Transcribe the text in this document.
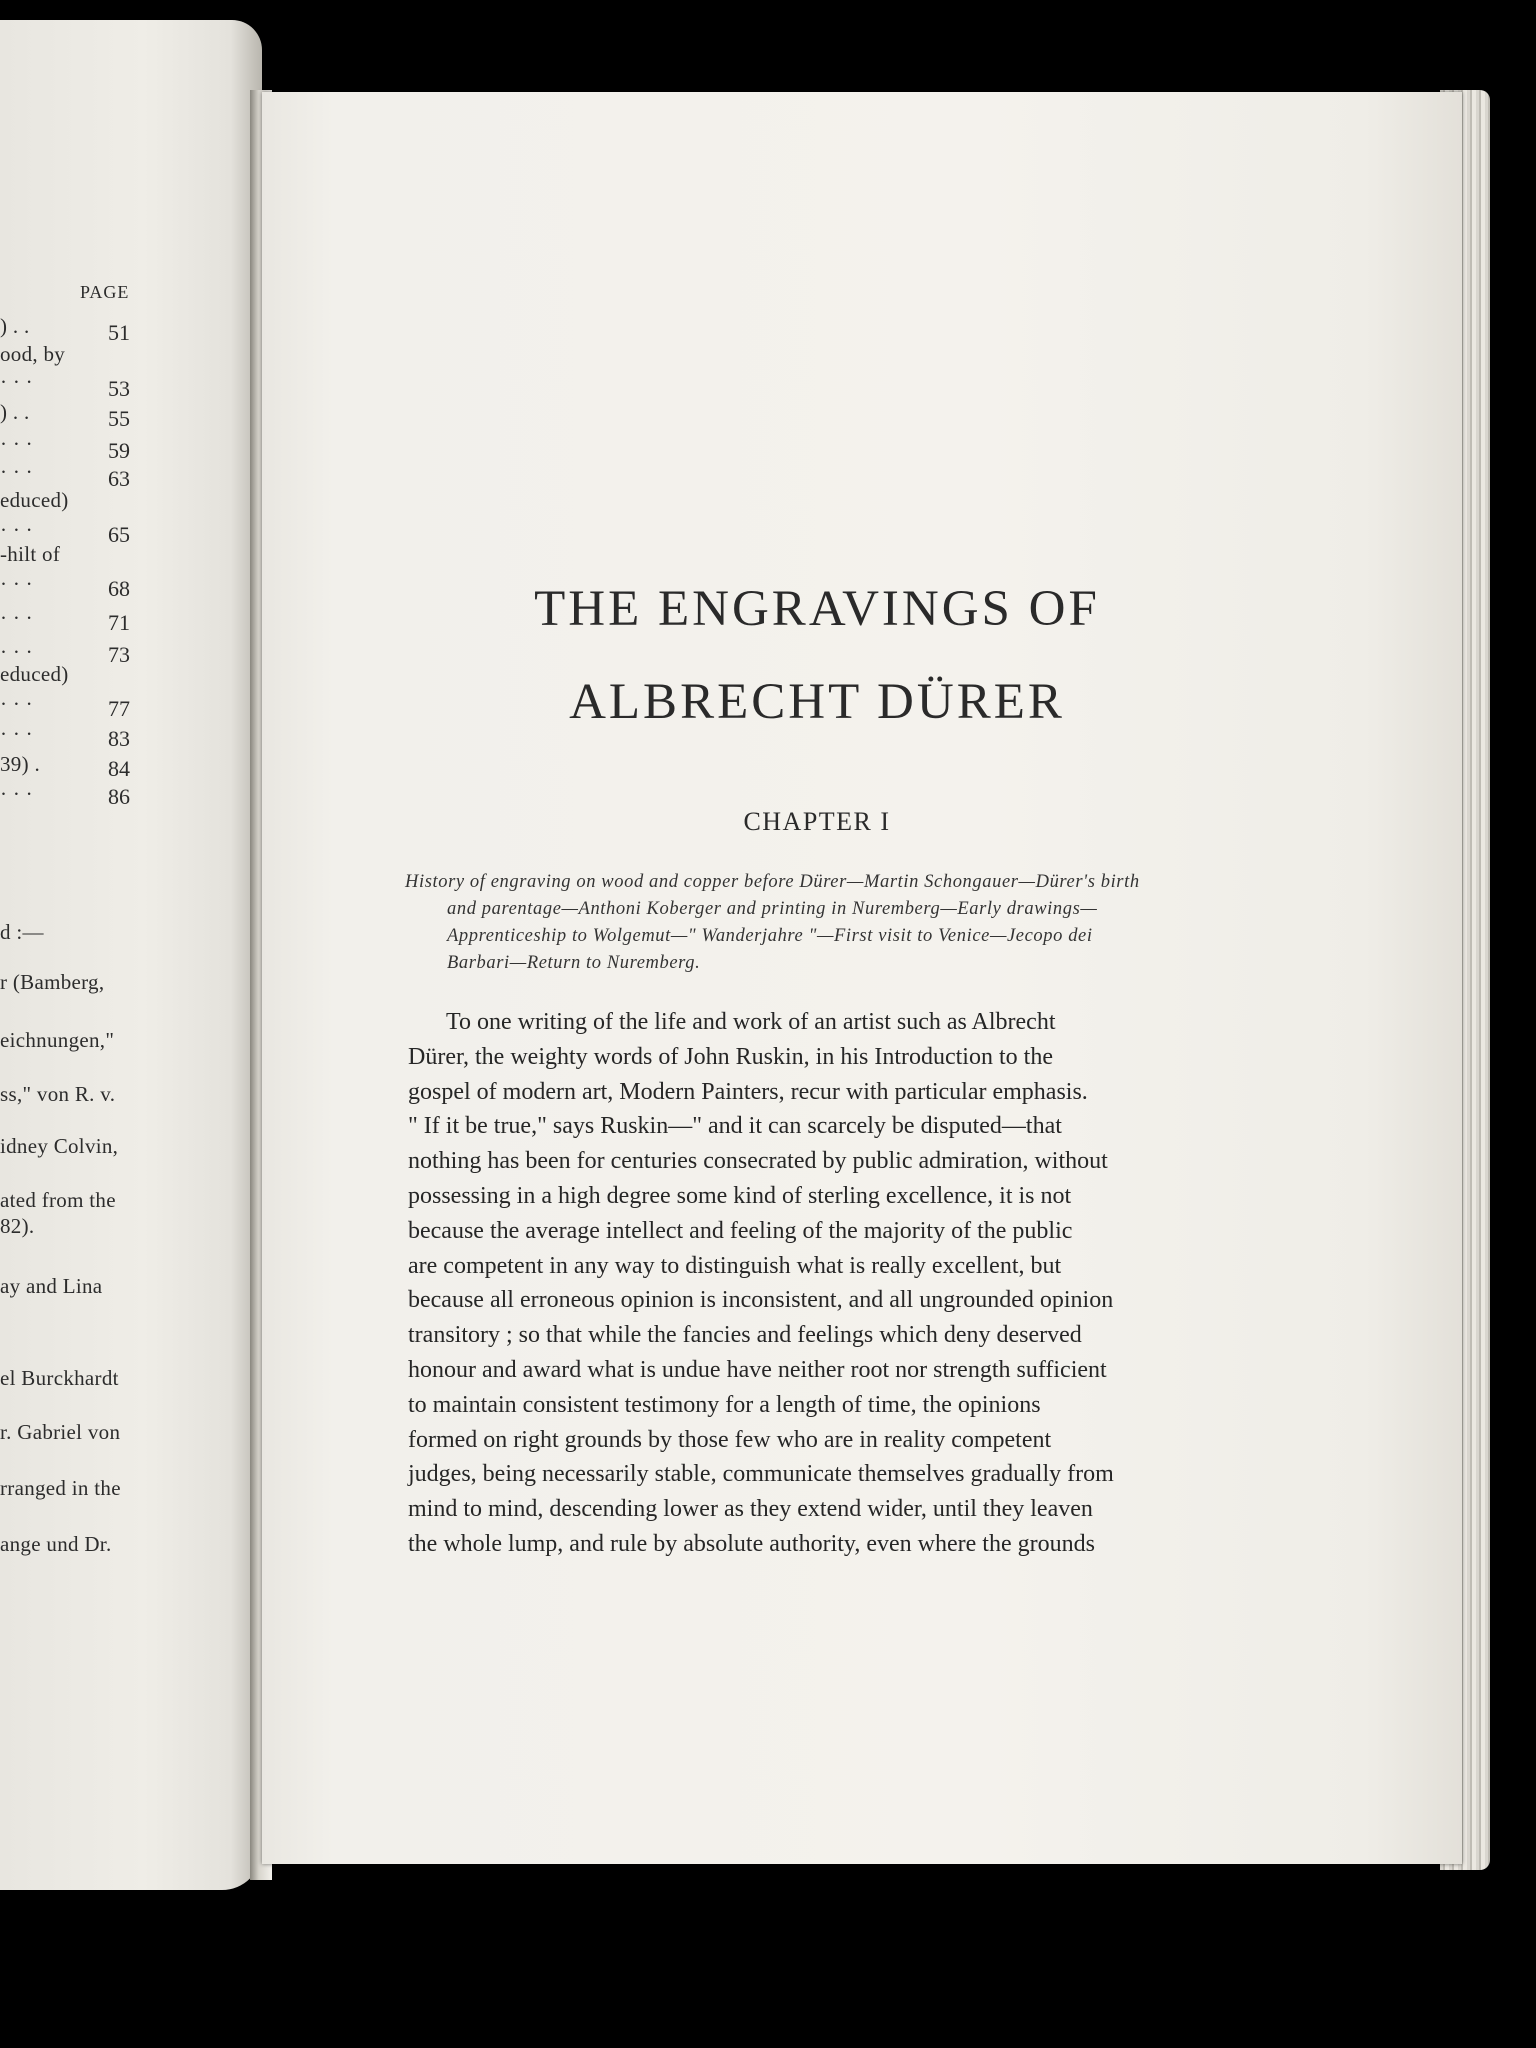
PAGE
) . .	51
ood, by
· · ·	53
) . .	55
· · ·	59
· · ·	63
educed)
· · ·	65
-hilt of
· · ·	68
· · ·	71
· · ·	73
educed)
· · ·	77
· · ·	83
39) .	84
· · ·	86
d :—
r (Bamberg,
eichnungen,"
ss," von R. v.
idney Colvin,
ated from the
82).
ay and Lina
el Burckhardt
r. Gabriel von
rranged in the
ange und Dr.
THE ENGRAVINGS OF
ALBRECHT DÜRER
CHAPTER I
History of engraving on wood and copper before Dürer—Martin Schongauer—Dürer's birth
and parentage—Anthoni Koberger and printing in Nuremberg—Early drawings—
Apprenticeship to Wolgemut—" Wanderjahre "—First visit to Venice—Jecopo dei
Barbari—Return to Nuremberg.
To one writing of the life and work of an artist such as Albrecht
Dürer, the weighty words of John Ruskin, in his Introduction to the
gospel of modern art, Modern Painters, recur with particular emphasis.
" If it be true," says Ruskin—" and it can scarcely be disputed—that
nothing has been for centuries consecrated by public admiration, without
possessing in a high degree some kind of sterling excellence, it is not
because the average intellect and feeling of the majority of the public
are competent in any way to distinguish what is really excellent, but
because all erroneous opinion is inconsistent, and all ungrounded opinion
transitory ; so that while the fancies and feelings which deny deserved
honour and award what is undue have neither root nor strength sufficient
to maintain consistent testimony for a length of time, the opinions
formed on right grounds by those few who are in reality competent
judges, being necessarily stable, communicate themselves gradually from
mind to mind, descending lower as they extend wider, until they leaven
the whole lump, and rule by absolute authority, even where the grounds
